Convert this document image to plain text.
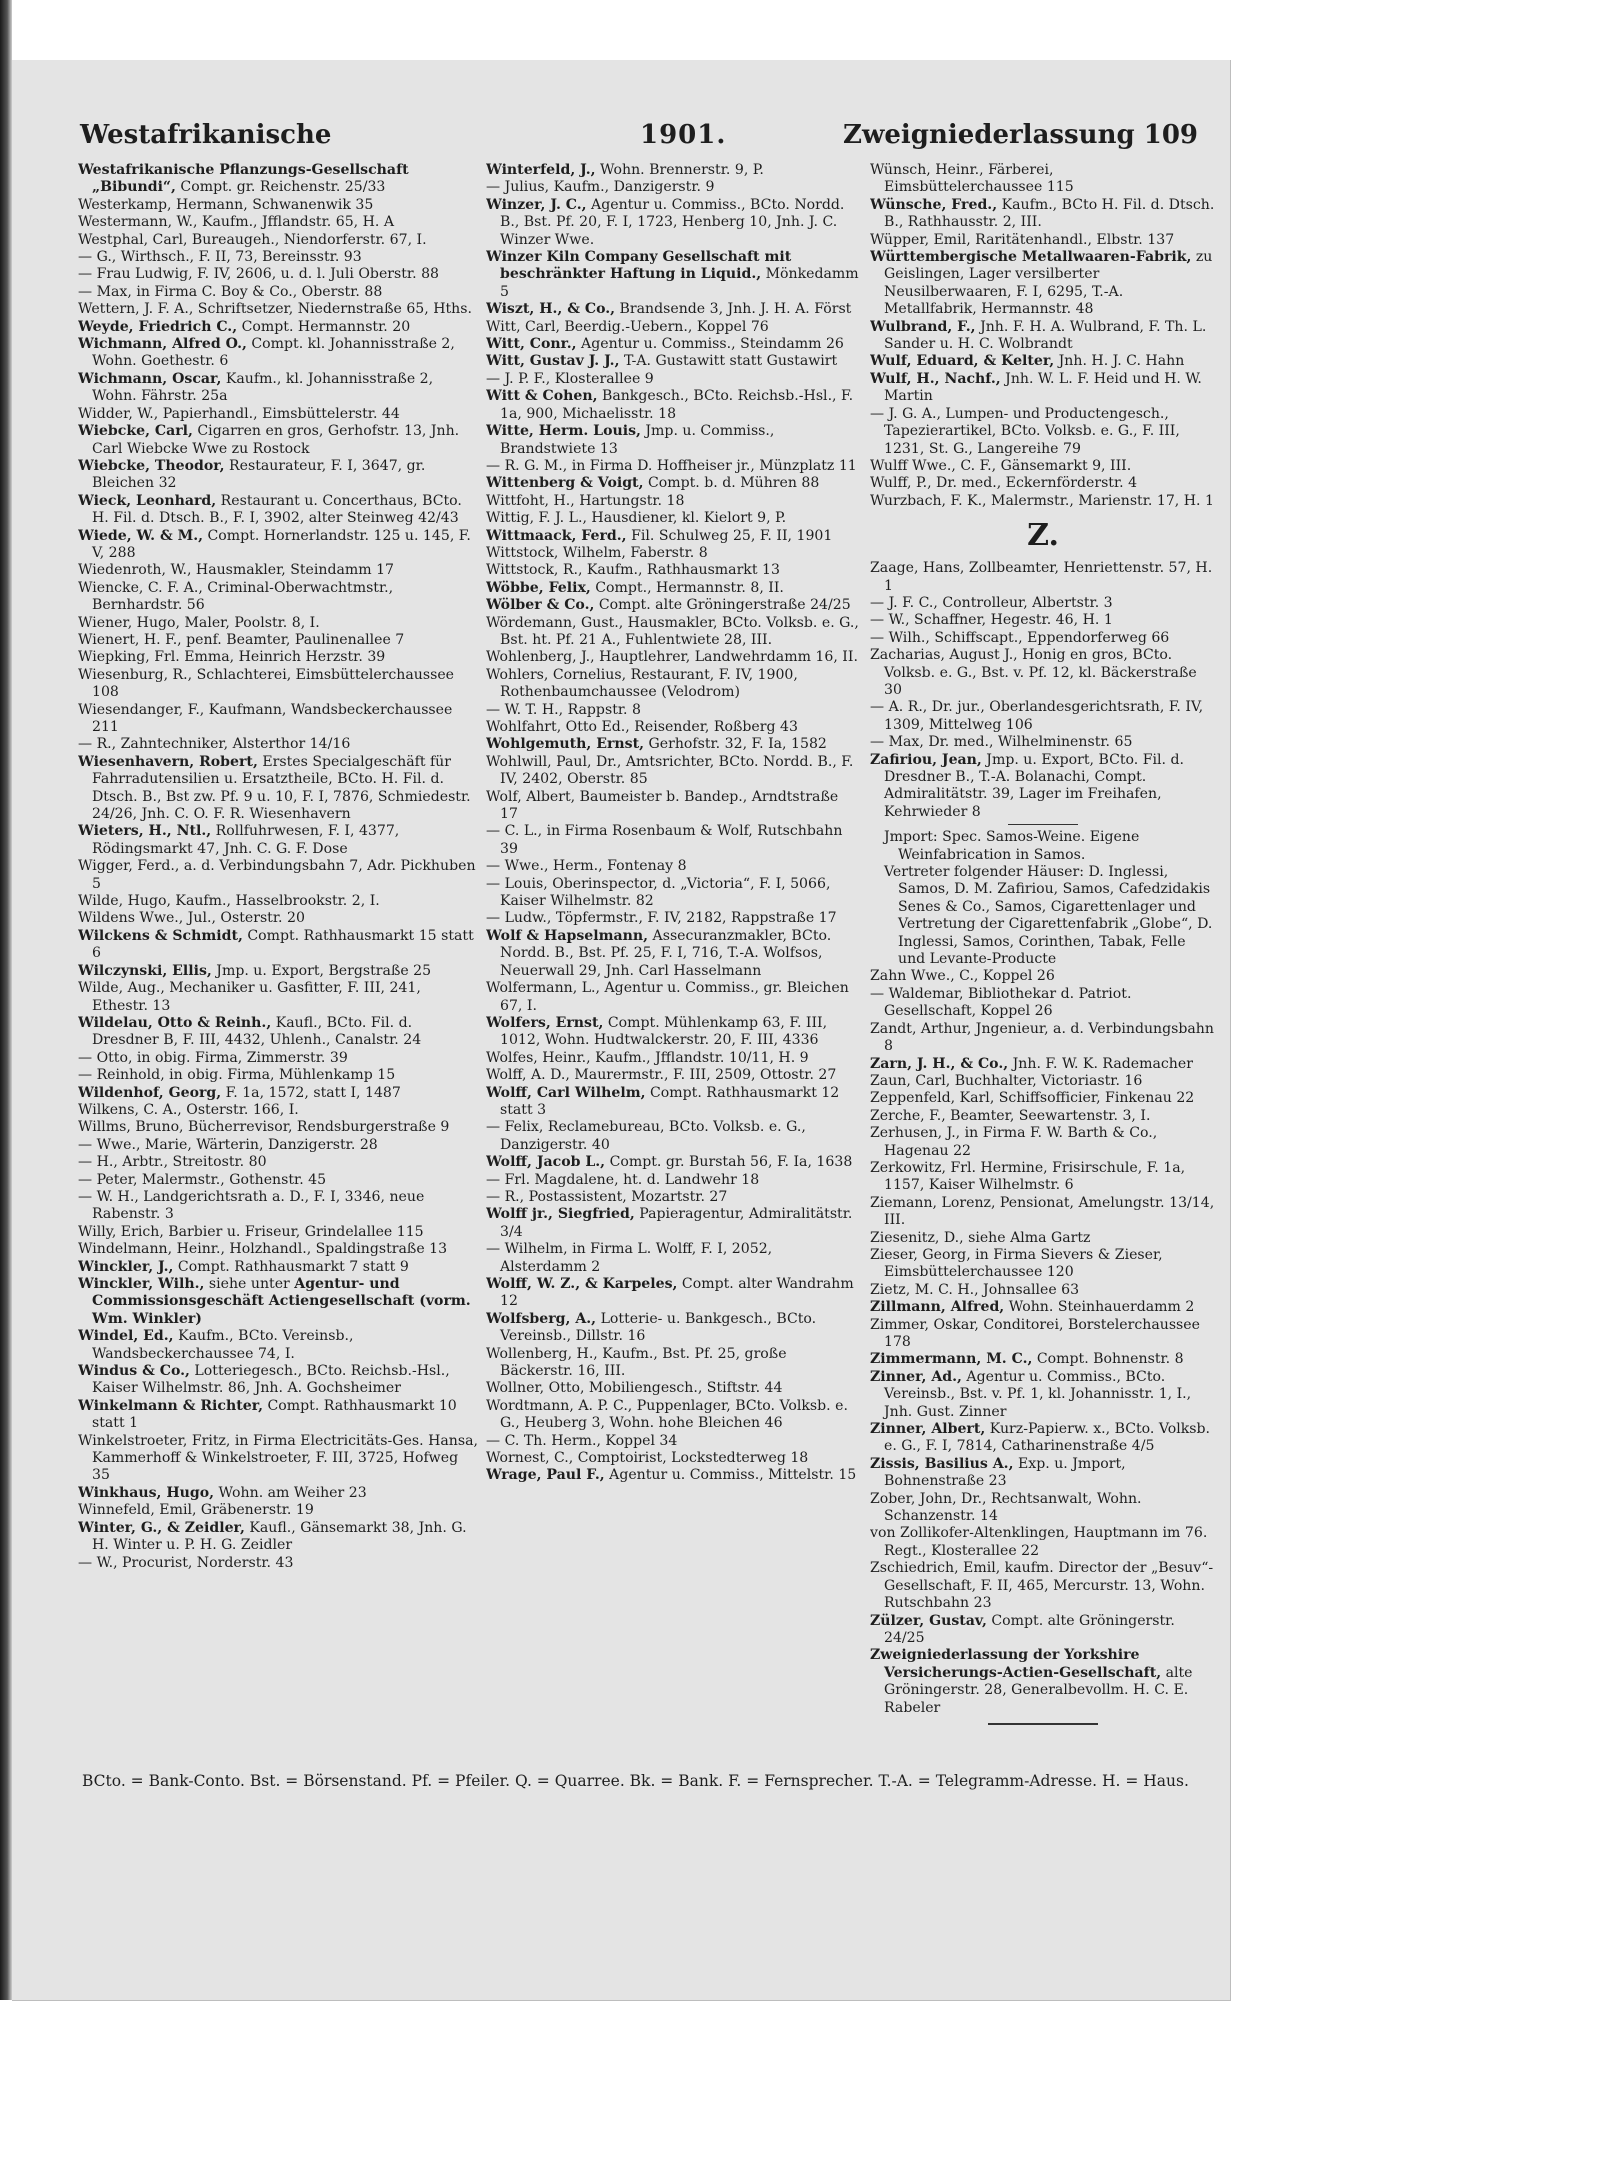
Westafrikanische	1901.	Zweigniederlassung 109

Westafrikanische Pflanzungs-Gesellschaft „Bibundi“, Compt. gr. Reichenstr. 25/33

Westerkamp, Hermann, Schwanenwik 35

Westermann, W., Kaufm., Jfflandstr. 65, H. A

Westphal, Carl, Bureaugeh., Niendorferstr. 67, I.

— G., Wirthsch., F. II, 73, Bereinsstr. 93

— Frau Ludwig, F. IV, 2606, u. d. l. Juli Oberstr. 88

— Max, in Firma C. Boy & Co., Oberstr. 88

Wettern, J. F. A., Schriftsetzer, Niedernstraße 65, Hths.

Weyde, Friedrich C., Compt. Hermannstr. 20

Wichmann, Alfred O., Compt. kl. Johannisstraße 2, Wohn. Goethestr. 6

Wichmann, Oscar, Kaufm., kl. Johannisstraße 2, Wohn. Fährstr. 25a

Widder, W., Papierhandl., Eimsbüttelerstr. 44

Wiebcke, Carl, Cigarren en gros, Gerhofstr. 13, Jnh. Carl Wiebcke Wwe zu Rostock

Wiebcke, Theodor, Restaurateur, F. I, 3647, gr. Bleichen 32

Wieck, Leonhard, Restaurant u. Concerthaus, BCto. H. Fil. d. Dtsch. B., F. I, 3902, alter Steinweg 42/43

Wiede, W. & M., Compt. Hornerlandstr. 125 u. 145, F. V, 288

Wiedenroth, W., Hausmakler, Steindamm 17

Wiencke, C. F. A., Criminal-Oberwachtmstr., Bernhardstr. 56

Wiener, Hugo, Maler, Poolstr. 8, I.

Wienert, H. F., penf. Beamter, Paulinenallee 7

Wiepking, Frl. Emma, Heinrich Herzstr. 39

Wiesenburg, R., Schlachterei, Eimsbüttelerchaussee 108

Wiesendanger, F., Kaufmann, Wandsbeckerchaussee 211

— R., Zahntechniker, Alsterthor 14/16

Wiesenhavern, Robert, Erstes Specialgeschäft für Fahrradutensilien u. Ersatztheile, BCto. H. Fil. d. Dtsch. B., Bst zw. Pf. 9 u. 10, F. I, 7876, Schmiedestr. 24/26, Jnh. C. O. F. R. Wiesenhavern

Wieters, H., Ntl., Rollfuhrwesen, F. I, 4377, Rödingsmarkt 47, Jnh. C. G. F. Dose

Wigger, Ferd., a. d. Verbindungsbahn 7, Adr. Pickhuben 5

Wilde, Hugo, Kaufm., Hasselbrookstr. 2, I.

Wildens Wwe., Jul., Osterstr. 20

Wilckens & Schmidt, Compt. Rathhausmarkt 15 statt 6

Wilczynski, Ellis, Jmp. u. Export, Bergstraße 25

Wilde, Aug., Mechaniker u. Gasfitter, F. III, 241, Ethestr. 13

Wildelau, Otto & Reinh., Kaufl., BCto. Fil. d. Dresdner B, F. III, 4432, Uhlenh., Canalstr. 24

— Otto, in obig. Firma, Zimmerstr. 39

— Reinhold, in obig. Firma, Mühlenkamp 15

Wildenhof, Georg, F. 1a, 1572, statt I, 1487

Wilkens, C. A., Osterstr. 166, I.

Willms, Bruno, Bücherrevisor, Rendsburgerstraße 9

— Wwe., Marie, Wärterin, Danzigerstr. 28

— H., Arbtr., Streitostr. 80

— Peter, Malermstr., Gothenstr. 45

— W. H., Landgerichtsrath a. D., F. I, 3346, neue Rabenstr. 3

Willy, Erich, Barbier u. Friseur, Grindelallee 115

Windelmann, Heinr., Holzhandl., Spaldingstraße 13

Winckler, J., Compt. Rathhausmarkt 7 statt 9

Winckler, Wilh., siehe unter Agentur- und Commissionsgeschäft Actiengesellschaft (vorm. Wm. Winkler)

Windel, Ed., Kaufm., BCto. Vereinsb., Wandsbeckerchaussee 74, I.

Windus & Co., Lotteriegesch., BCto. Reichsb.-Hsl., Kaiser Wilhelmstr. 86, Jnh. A. Gochsheimer

Winkelmann & Richter, Compt. Rathhausmarkt 10 statt 1

Winkelstroeter, Fritz, in Firma Electricitäts-Ges. Hansa, Kammerhoff & Winkelstroeter, F. III, 3725, Hofweg 35

Winkhaus, Hugo, Wohn. am Weiher 23

Winnefeld, Emil, Gräbenerstr. 19

Winter, G., & Zeidler, Kaufl., Gänsemarkt 38, Jnh. G. H. Winter u. P. H. G. Zeidler

— W., Procurist, Norderstr. 43

Winterfeld, J., Wohn. Brennerstr. 9, P.

— Julius, Kaufm., Danzigerstr. 9

Winzer, J. C., Agentur u. Commiss., BCto. Nordd. B., Bst. Pf. 20, F. I, 1723, Henberg 10, Jnh. J. C. Winzer Wwe.

Winzer Kiln Company Gesellschaft mit beschränkter Haftung in Liquid., Mönkedamm 5

Wiszt, H., & Co., Brandsende 3, Jnh. J. H. A. Först

Witt, Carl, Beerdig.-Uebern., Koppel 76

Witt, Conr., Agentur u. Commiss., Steindamm 26

Witt, Gustav J. J., T-A. Gustawitt statt Gustawirt

— J. P. F., Klosterallee 9

Witt & Cohen, Bankgesch., BCto. Reichsb.-Hsl., F. 1a, 900, Michaelisstr. 18

Witte, Herm. Louis, Jmp. u. Commiss., Brandstwiete 13

— R. G. M., in Firma D. Hoffheiser jr., Münzplatz 11

Wittenberg & Voigt, Compt. b. d. Mühren 88

Wittfoht, H., Hartungstr. 18

Wittig, F. J. L., Hausdiener, kl. Kielort 9, P.

Wittmaack, Ferd., Fil. Schulweg 25, F. II, 1901

Wittstock, Wilhelm, Faberstr. 8

Wittstock, R., Kaufm., Rathhausmarkt 13

Wöbbe, Felix, Compt., Hermannstr. 8, II.

Wölber & Co., Compt. alte Gröningerstraße 24/25

Wördemann, Gust., Hausmakler, BCto. Volksb. e. G., Bst. ht. Pf. 21 A., Fuhlentwiete 28, III.

Wohlenberg, J., Hauptlehrer, Landwehrdamm 16, II.

Wohlers, Cornelius, Restaurant, F. IV, 1900, Rothenbaumchaussee (Velodrom)

— W. T. H., Rappstr. 8

Wohlfahrt, Otto Ed., Reisender, Roßberg 43

Wohlgemuth, Ernst, Gerhofstr. 32, F. Ia, 1582

Wohlwill, Paul, Dr., Amtsrichter, BCto. Nordd. B., F. IV, 2402, Oberstr. 85

Wolf, Albert, Baumeister b. Bandep., Arndtstraße 17

— C. L., in Firma Rosenbaum & Wolf, Rutschbahn 39

— Wwe., Herm., Fontenay 8

— Louis, Oberinspector, d. „Victoria“, F. I, 5066, Kaiser Wilhelmstr. 82

— Ludw., Töpfermstr., F. IV, 2182, Rappstraße 17

Wolf & Hapselmann, Assecuranzmakler, BCto. Nordd. B., Bst. Pf. 25, F. I, 716, T.-A. Wolfsos, Neuerwall 29, Jnh. Carl Hasselmann

Wolfermann, L., Agentur u. Commiss., gr. Bleichen 67, I.

Wolfers, Ernst, Compt. Mühlenkamp 63, F. III, 1012, Wohn. Hudtwalckerstr. 20, F. III, 4336

Wolfes, Heinr., Kaufm., Jfflandstr. 10/11, H. 9

Wolff, A. D., Maurermstr., F. III, 2509, Ottostr. 27

Wolff, Carl Wilhelm, Compt. Rathhausmarkt 12 statt 3

— Felix, Reclamebureau, BCto. Volksb. e. G., Danzigerstr. 40

Wolff, Jacob L., Compt. gr. Burstah 56, F. Ia, 1638

— Frl. Magdalene, ht. d. Landwehr 18

— R., Postassistent, Mozartstr. 27

Wolff jr., Siegfried, Papieragentur, Admiralitätstr. 3/4

— Wilhelm, in Firma L. Wolff, F. I, 2052, Alsterdamm 2

Wolff, W. Z., & Karpeles, Compt. alter Wandrahm 12

Wolfsberg, A., Lotterie- u. Bankgesch., BCto. Vereinsb., Dillstr. 16

Wollenberg, H., Kaufm., Bst. Pf. 25, große Bäckerstr. 16, III.

Wollner, Otto, Mobiliengesch., Stiftstr. 44

Wordtmann, A. P. C., Puppenlager, BCto. Volksb. e. G., Heuberg 3, Wohn. hohe Bleichen 46

— C. Th. Herm., Koppel 34

Wornest, C., Comptoirist, Lockstedterweg 18

Wrage, Paul F., Agentur u. Commiss., Mittelstr. 15

Wünsch, Heinr., Färberei, Eimsbüttelerchaussee 115

Wünsche, Fred., Kaufm., BCto H. Fil. d. Dtsch. B., Rathhausstr. 2, III.

Wüpper, Emil, Raritätenhandl., Elbstr. 137

Württembergische Metallwaaren-Fabrik, zu Geislingen, Lager versilberter Neusilberwaaren, F. I, 6295, T.-A. Metallfabrik, Hermannstr. 48

Wulbrand, F., Jnh. F. H. A. Wulbrand, F. Th. L. Sander u. H. C. Wolbrandt

Wulf, Eduard, & Kelter, Jnh. H. J. C. Hahn

Wulf, H., Nachf., Jnh. W. L. F. Heid und H. W. Martin

— J. G. A., Lumpen- und Productengesch., Tapezierartikel, BCto. Volksb. e. G., F. III, 1231, St. G., Langereihe 79

Wulff Wwe., C. F., Gänsemarkt 9, III.

Wulff, P., Dr. med., Eckernförderstr. 4

Wurzbach, F. K., Malermstr., Marienstr. 17, H. 1

Z.

Zaage, Hans, Zollbeamter, Henriettenstr. 57, H. 1

— J. F. C., Controlleur, Albertstr. 3

— W., Schaffner, Hegestr. 46, H. 1

— Wilh., Schiffscapt., Eppendorferweg 66

Zacharias, August J., Honig en gros, BCto. Volksb. e. G., Bst. v. Pf. 12, kl. Bäckerstraße 30

— A. R., Dr. jur., Oberlandesgerichtsrath, F. IV, 1309, Mittelweg 106

— Max, Dr. med., Wilhelminenstr. 65

Zafiriou, Jean, Jmp. u. Export, BCto. Fil. d. Dresdner B., T.-A. Bolanachi, Compt. Admiralitätstr. 39, Lager im Freihafen, Kehrwieder 8

Jmport: Spec. Samos-Weine. Eigene Weinfabrication in Samos.

Vertreter folgender Häuser: D. Inglessi, Samos, D. M. Zafiriou, Samos, Cafedzidakis Senes & Co., Samos, Cigarettenlager und Vertretung der Cigarettenfabrik „Globe“, D. Inglessi, Samos, Corinthen, Tabak, Felle und Levante-Producte

Zahn Wwe., C., Koppel 26

— Waldemar, Bibliothekar d. Patriot. Gesellschaft, Koppel 26

Zandt, Arthur, Jngenieur, a. d. Verbindungsbahn 8

Zarn, J. H., & Co., Jnh. F. W. K. Rademacher

Zaun, Carl, Buchhalter, Victoriastr. 16

Zeppenfeld, Karl, Schiffsofficier, Finkenau 22

Zerche, F., Beamter, Seewartenstr. 3, I.

Zerhusen, J., in Firma F. W. Barth & Co., Hagenau 22

Zerkowitz, Frl. Hermine, Frisirschule, F. 1a, 1157, Kaiser Wilhelmstr. 6

Ziemann, Lorenz, Pensionat, Amelungstr. 13/14, III.

Ziesenitz, D., siehe Alma Gartz

Zieser, Georg, in Firma Sievers & Zieser, Eimsbüttelerchaussee 120

Zietz, M. C. H., Johnsallee 63

Zillmann, Alfred, Wohn. Steinhauerdamm 2

Zimmer, Oskar, Conditorei, Borstelerchaussee 178

Zimmermann, M. C., Compt. Bohnenstr. 8

Zinner, Ad., Agentur u. Commiss., BCto. Vereinsb., Bst. v. Pf. 1, kl. Johannisstr. 1, I., Jnh. Gust. Zinner

Zinner, Albert, Kurz-Papierw. x., BCto. Volksb. e. G., F. I, 7814, Catharinenstraße 4/5

Zissis, Basilius A., Exp. u. Jmport, Bohnenstraße 23

Zober, John, Dr., Rechtsanwalt, Wohn. Schanzenstr. 14

von Zollikofer-Altenklingen, Hauptmann im 76. Regt., Klosterallee 22

Zschiedrich, Emil, kaufm. Director der „Besuv“-Gesellschaft, F. II, 465, Mercurstr. 13, Wohn. Rutschbahn 23

Zülzer, Gustav, Compt. alte Gröningerstr. 24/25

Zweigniederlassung der Yorkshire Versicherungs-Actien-Gesellschaft, alte Gröningerstr. 28, Generalbevollm. H. C. E. Rabeler

BCto. = Bank-Conto. Bst. = Börsenstand. Pf. = Pfeiler. Q. = Quarree. Bk. = Bank. F. = Fernsprecher. T.-A. = Telegramm-Adresse. H. = Haus.
